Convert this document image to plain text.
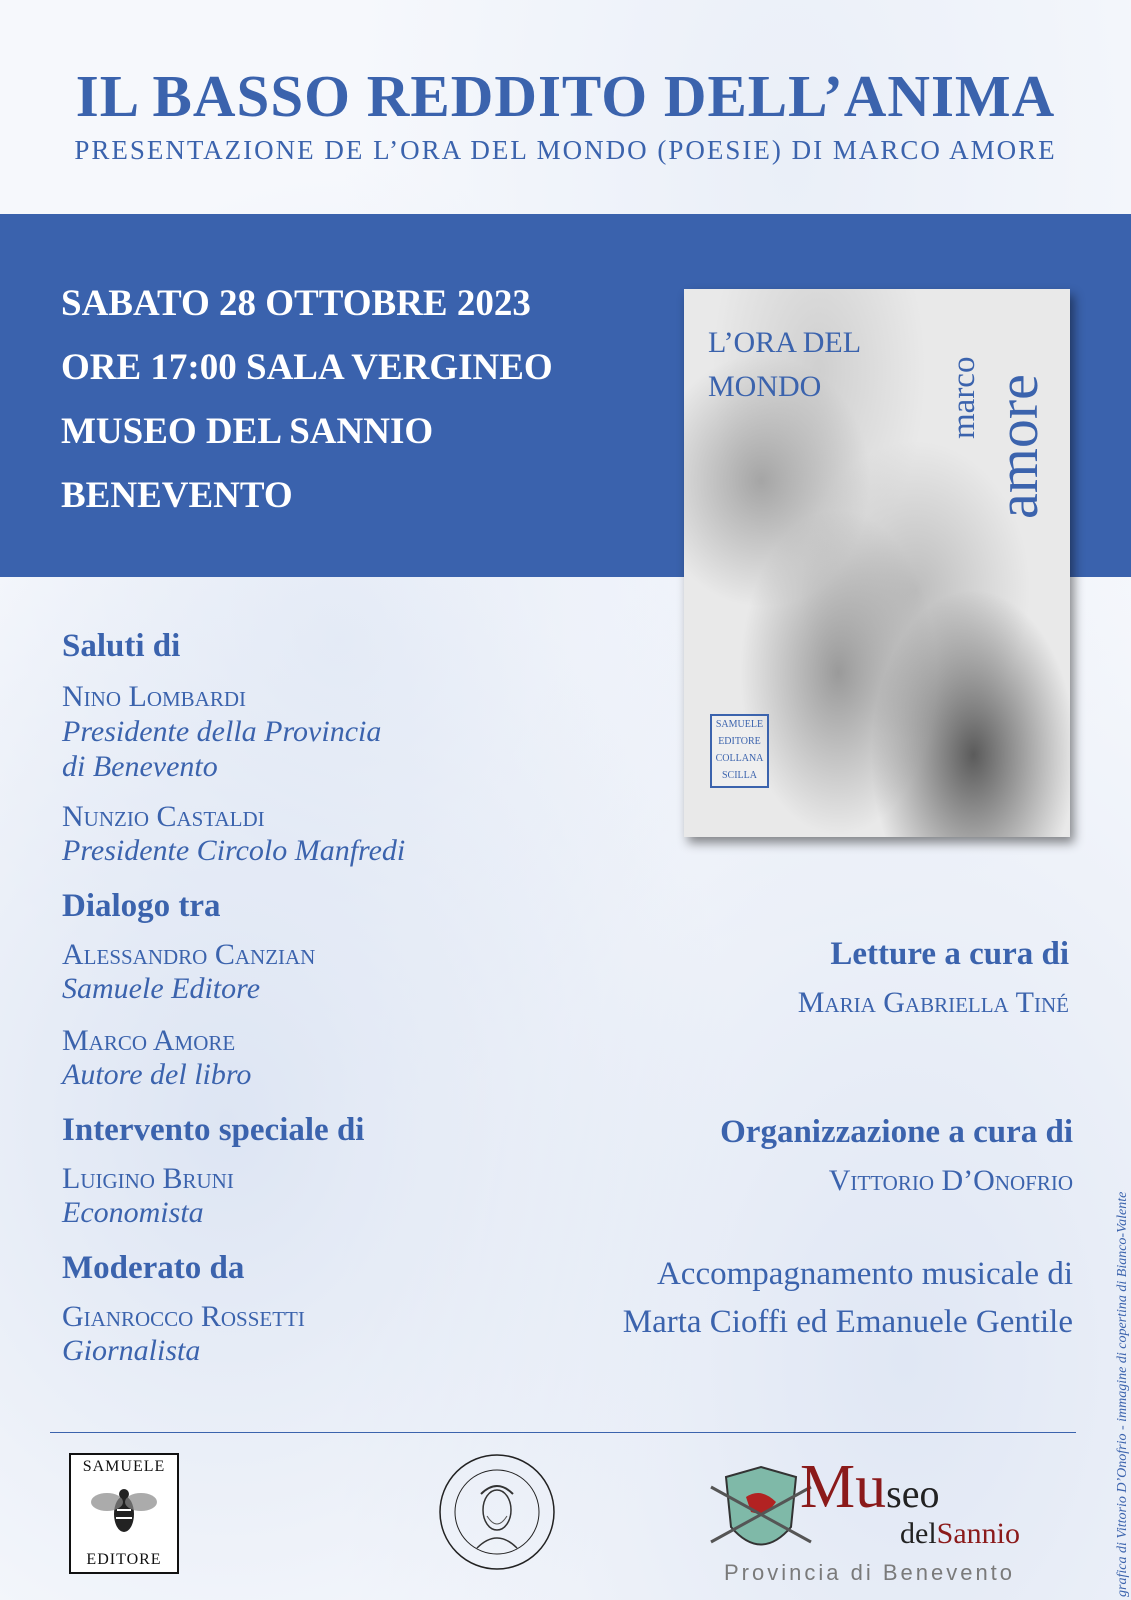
IL BASSO REDDITO DELL’ANIMA

PRESENTAZIONE DE L’ORA DEL MONDO (POESIE) DI MARCO AMORE

SABATO 28 OTTOBRE 2023
ORE 17:00 SALA VERGINEO
MUSEO DEL SANNIO
BENEVENTO

L’ORA DEL
MONDO	marco amore
SAMUELE EDITORE COLLANA SCILLA
Saluti di
Nino Lombardi
Presidente della Provincia
di Benevento
Nunzio Castaldi
Presidente Circolo Manfredi
Dialogo tra
Alessandro Canzian
Samuele Editore
Marco Amore
Autore del libro
Intervento speciale di
Luigino Bruni
Economista
Moderato da
Gianrocco Rossetti
Giornalista
Letture a cura di
Maria Gabriella Tiné
Organizzazione a cura di
Vittorio D’Onofrio
Accompagnamento musicale di
Marta Cioffi ed Emanuele Gentile	grafica di Vittorio D’Onofrio - immagine di copertina di Bianco-Valente
SAMUELE
EDITORE
Museo
delSannio
Provincia di Benevento
